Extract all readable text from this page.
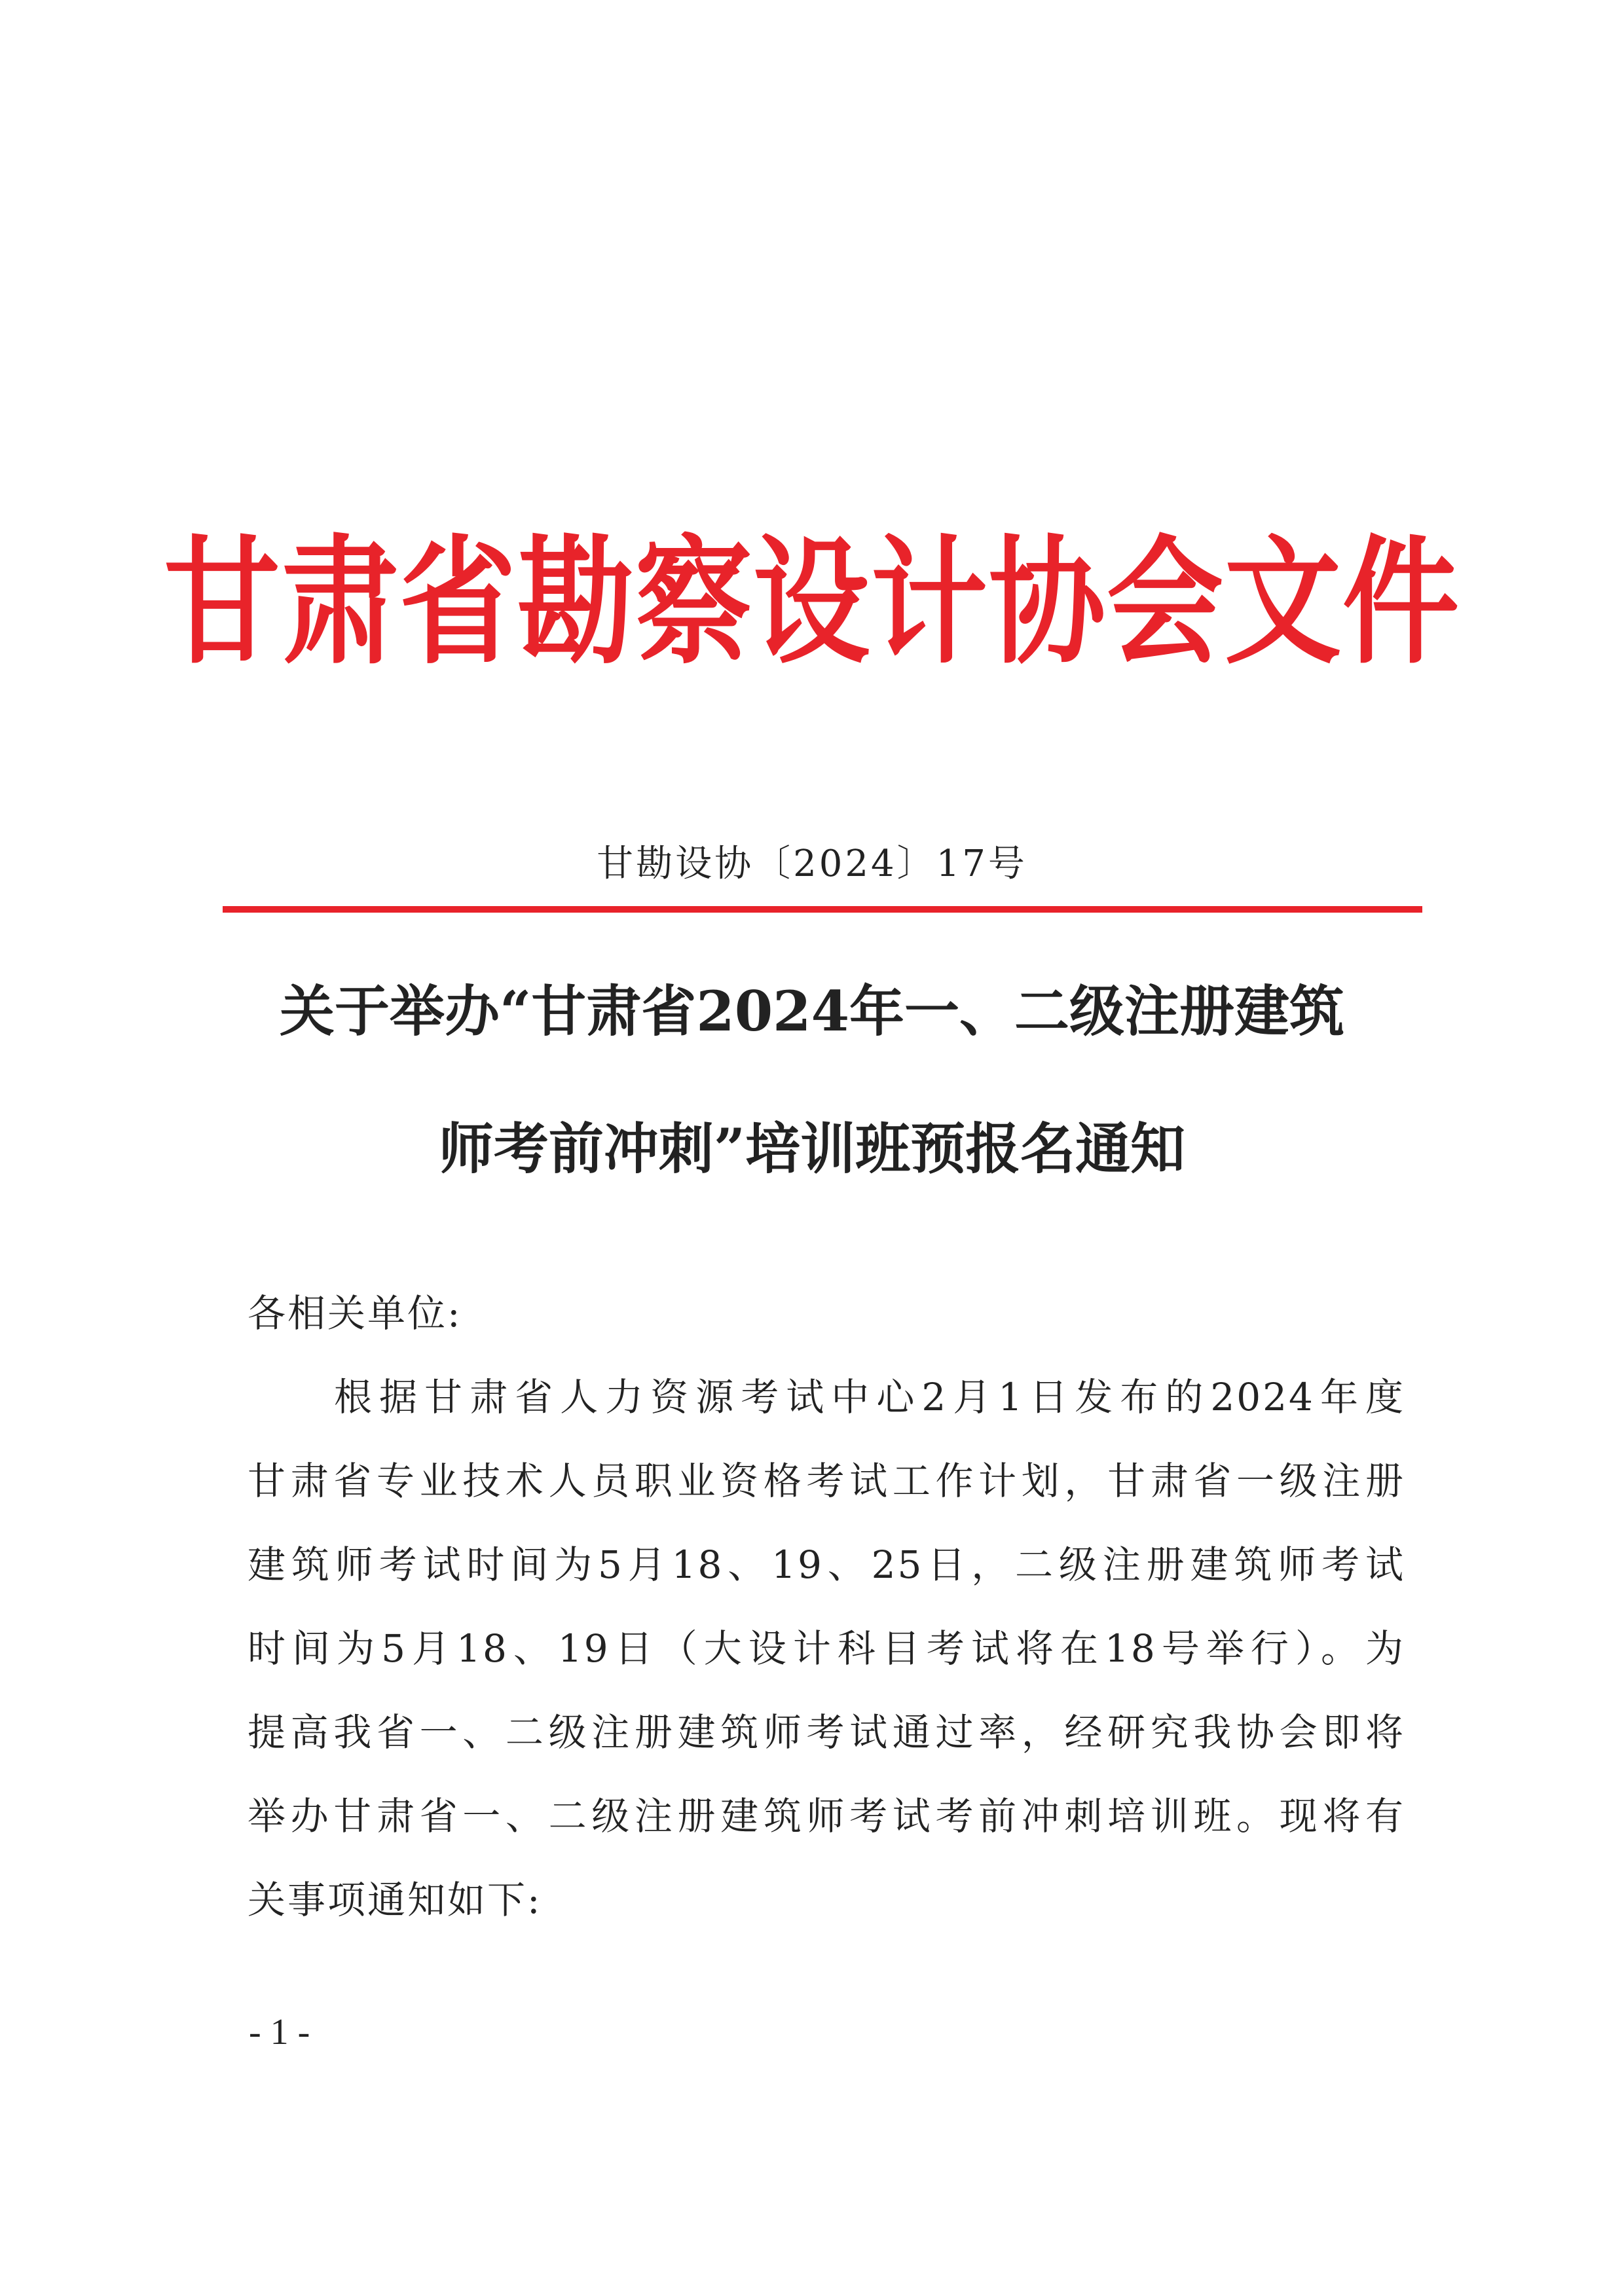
甘肃省勘察设计协会文件
甘勘设协〔2024〕17号
关于举办“甘肃省2024年一、二级注册建筑
师考前冲刺”培训班预报名通知
各相关单位:
根据甘肃省人力资源考试中心2月1日发布的2024年度
甘肃省专业技术人员职业资格考试工作计划，甘肃省一级注册
建筑师考试时间为5月18、19、25日，二级注册建筑师考试
时间为5月18、19日（大设计科目考试将在18号举行）。为
提高我省一、二级注册建筑师考试通过率，经研究我协会即将
举办甘肃省一、二级注册建筑师考试考前冲刺培训班。现将有
关事项通知如下:
- 1 -
